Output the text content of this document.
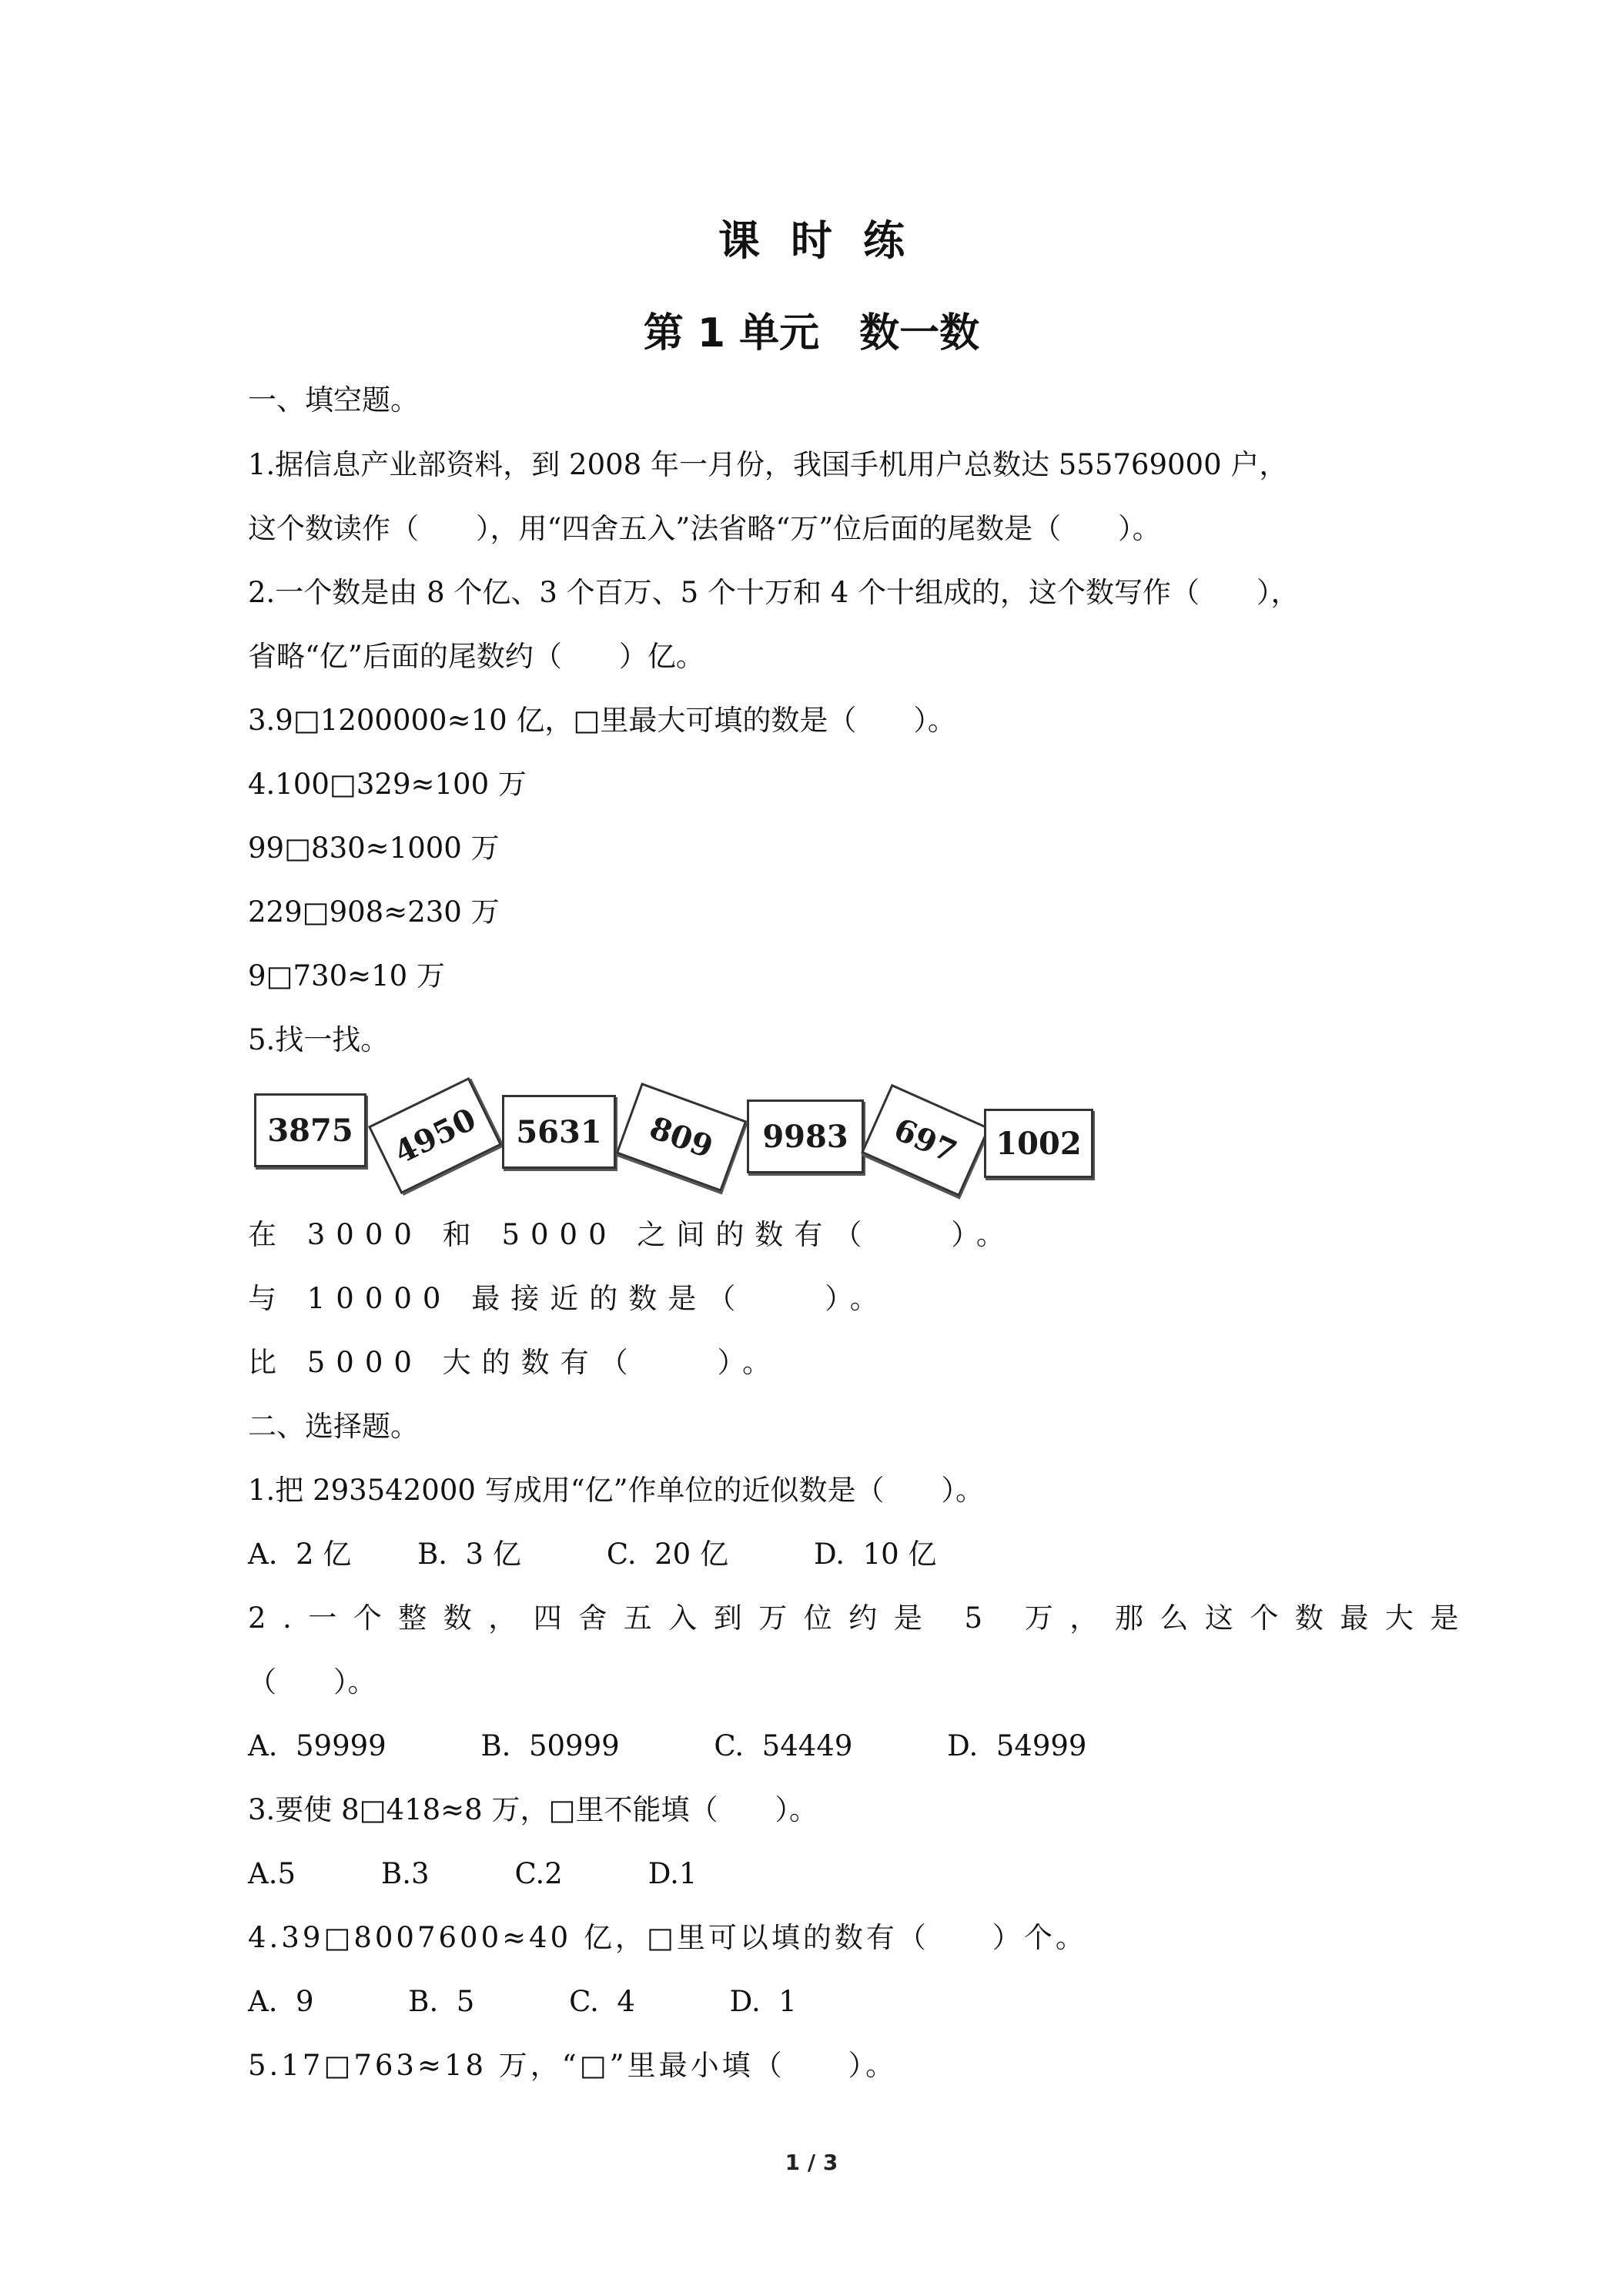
课时练
第 1 单元　数一数
一、填空题。
1.据信息产业部资料，到 2008 年一月份，我国手机用户总数达 555769000 户，
这个数读作（　　），用“四舍五入”法省略“万”位后面的尾数是（　　）。
2.一个数是由 8 个亿、3 个百万、5 个十万和 4 个十组成的，这个数写作（　　），
省略“亿”后面的尾数约（　　）亿。
3.9□1200000≈10 亿，□里最大可填的数是（　　）。
4.100□329≈100 万
99□830≈1000 万
229□908≈230 万
9□730≈10 万
5.找一找。
3875	4950	5631	809	9983	697	1002
在 3000 和 5000 之间的数有（　　）。
与 10000 最接近的数是（　　）。
比 5000 大的数有（　　）。
二、选择题。
1.把 293542000 写成用“亿”作单位的近似数是（　　）。
A.  2 亿　　 B.  3 亿　　　C.  20 亿　　　D.  10 亿
2.一个整数，四舍五入到万位约是 5 万，那么这个数最大是
（　　）。
A.  59999　　　 B.  50999　　　 C.  54449　　　 D.  54999
3.要使 8□418≈8 万，□里不能填（　　）。
A.5　　　B.3　　　C.2　　　D.1
4.39□8007600≈40 亿，□里可以填的数有（　　）个。
A.  9　　　 B.  5　　　 C.  4　　　 D.  1
5.17□763≈18 万，“□”里最小填（　　）。
1 / 3
